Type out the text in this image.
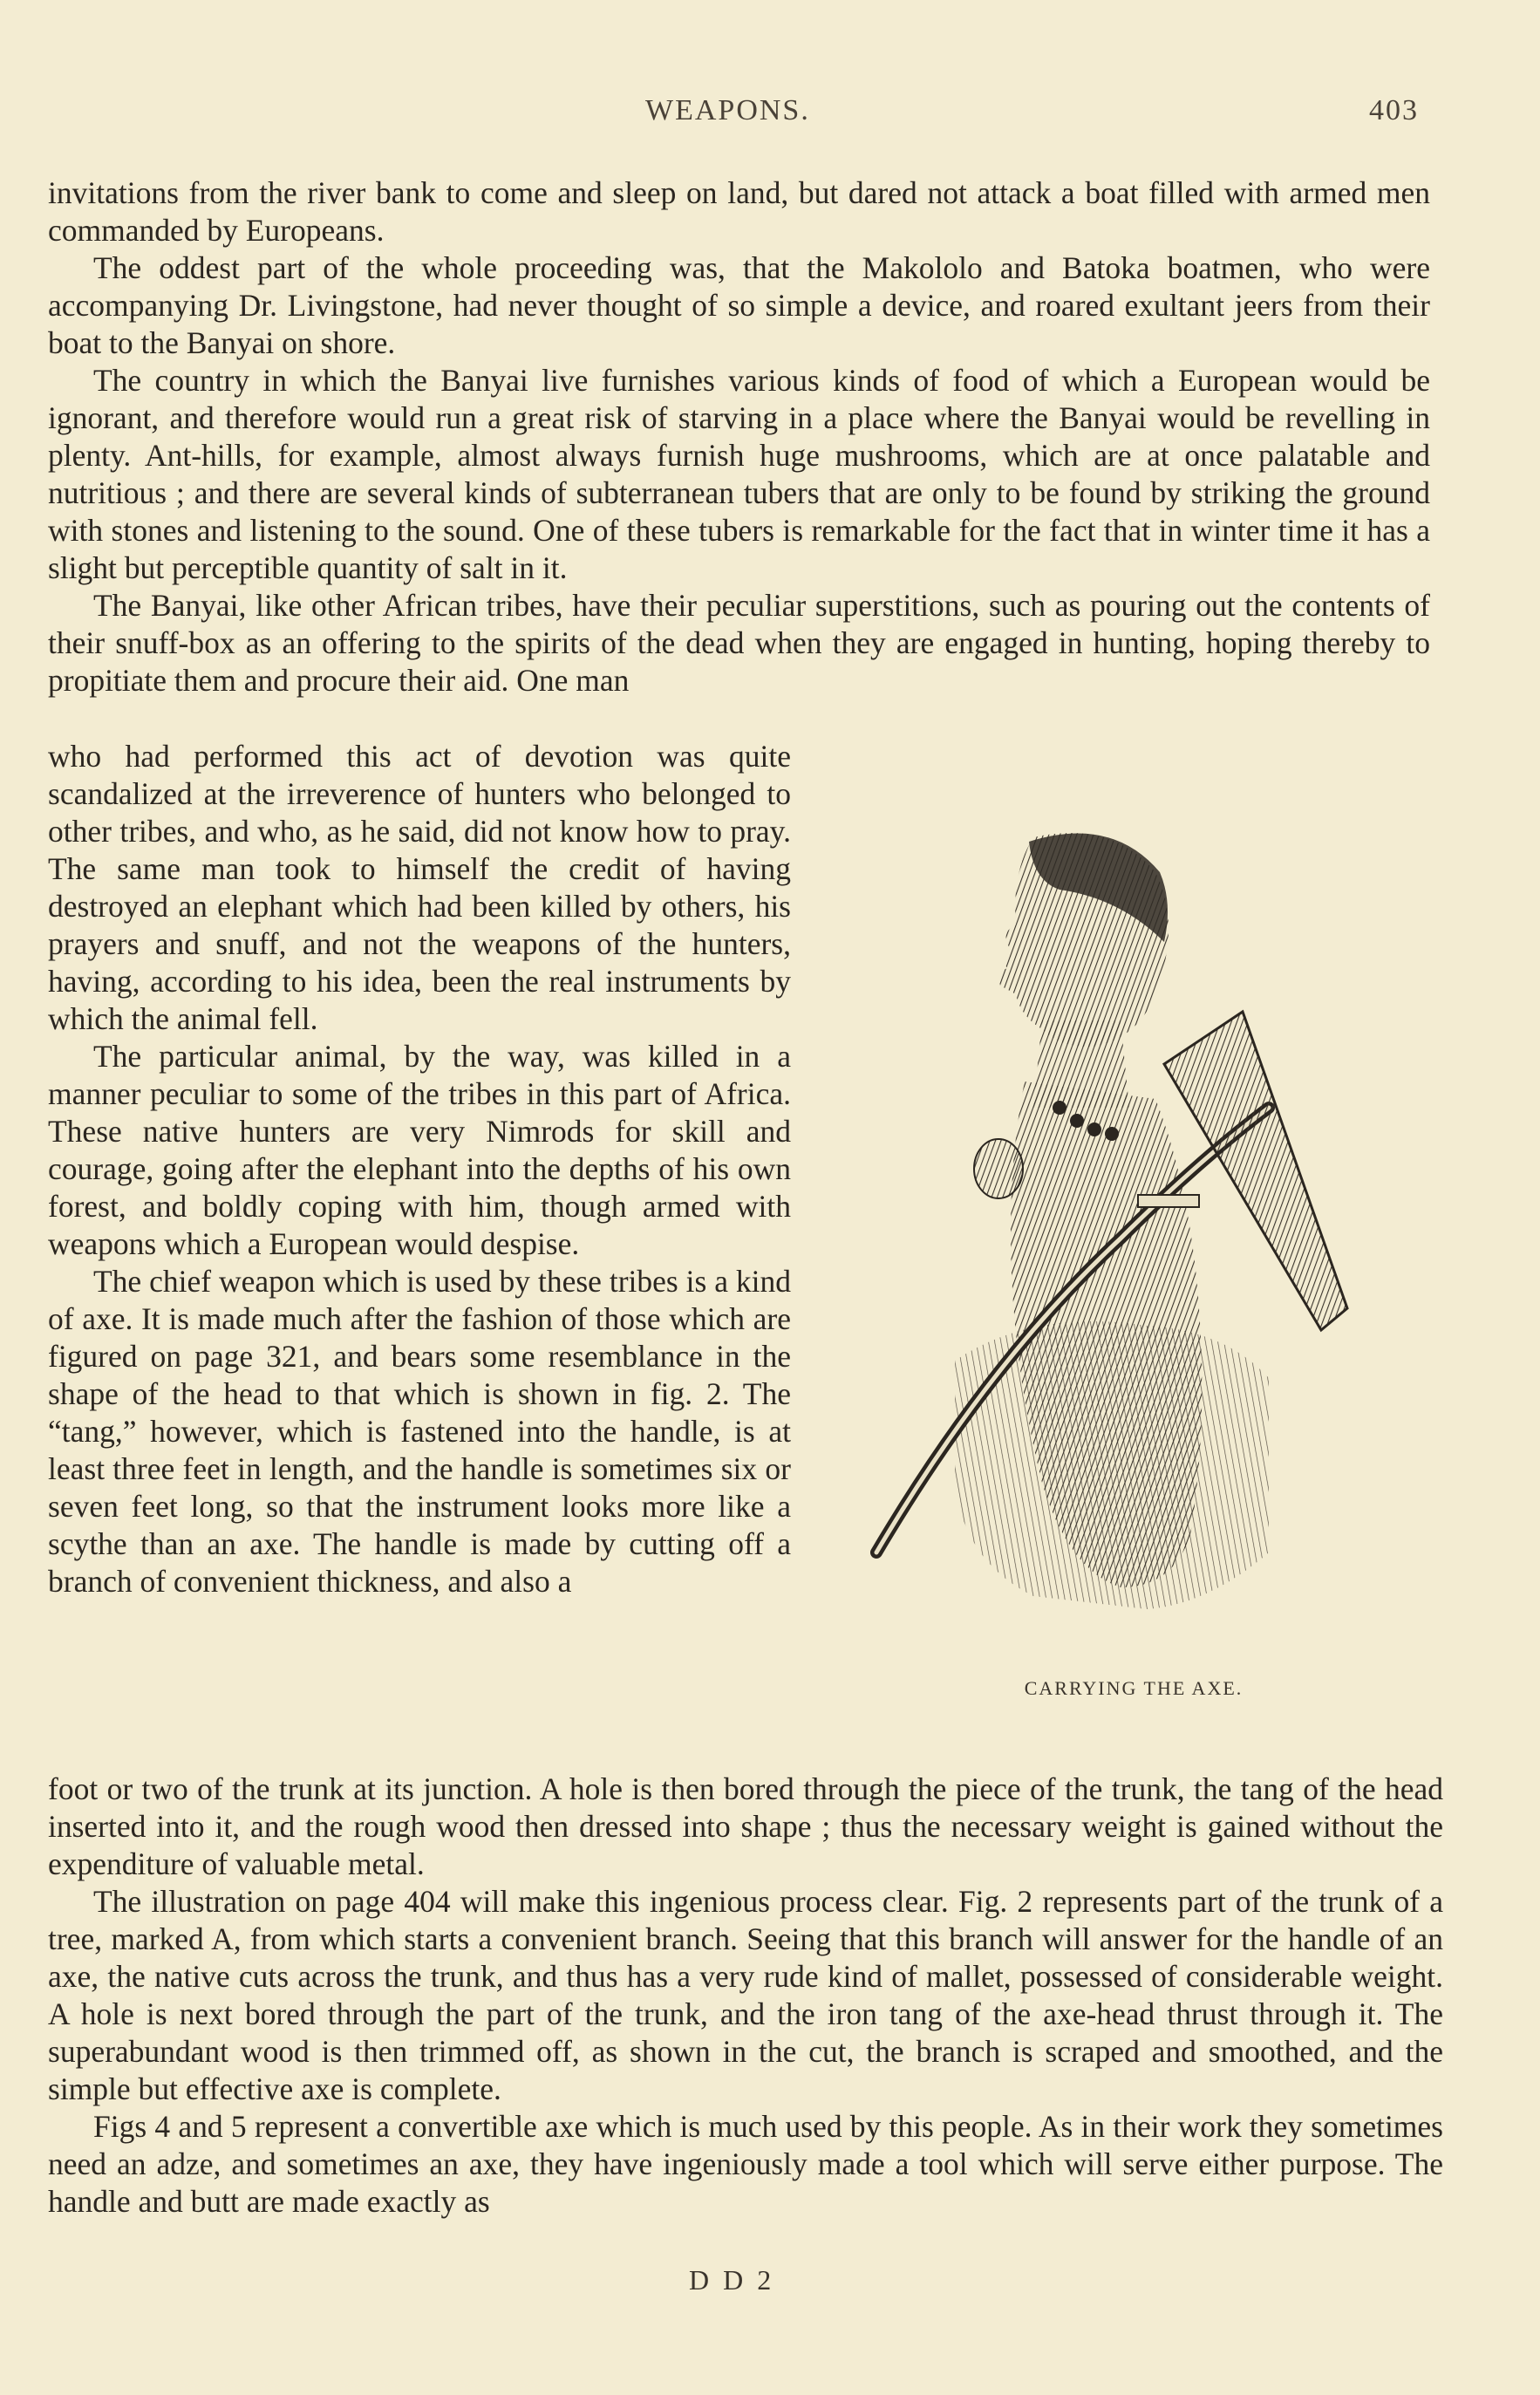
WEAPONS.	403

invitations from the river bank to come and sleep on land, but dared not attack a boat filled with armed men commanded by Europeans.

The oddest part of the whole proceeding was, that the Makololo and Batoka boatmen, who were accompanying Dr. Livingstone, had never thought of so simple a device, and roared exultant jeers from their boat to the Banyai on shore.

The country in which the Banyai live furnishes various kinds of food of which a European would be ignorant, and therefore would run a great risk of starving in a place where the Banyai would be revelling in plenty. Ant-hills, for example, almost always furnish huge mushrooms, which are at once palatable and nutritious ; and there are several kinds of subterranean tubers that are only to be found by striking the ground with stones and listening to the sound. One of these tubers is remarkable for the fact that in winter time it has a slight but perceptible quantity of salt in it.

The Banyai, like other African tribes, have their peculiar superstitions, such as pouring out the contents of their snuff-box as an offering to the spirits of the dead when they are engaged in hunting, hoping thereby to propitiate them and procure their aid. One man

who had performed this act of devotion was quite scandalized at the irreverence of hunters who belonged to other tribes, and who, as he said, did not know how to pray. The same man took to himself the credit of having destroyed an elephant which had been killed by others, his prayers and snuff, and not the weapons of the hunters, having, according to his idea, been the real instruments by which the animal fell.

The particular animal, by the way, was killed in a manner peculiar to some of the tribes in this part of Africa. These native hunters are very Nimrods for skill and courage, going after the elephant into the depths of his own forest, and boldly coping with him, though armed with weapons which a European would despise.

The chief weapon which is used by these tribes is a kind of axe. It is made much after the fashion of those which are figured on page 321, and bears some resemblance in the shape of the head to that which is shown in fig. 2. The “tang,” however, which is fastened into the handle, is at least three feet in length, and the handle is sometimes six or seven feet long, so that the instrument looks more like a scythe than an axe. The handle is made by cutting off a branch of convenient thickness, and also a

CARRYING THE AXE.

foot or two of the trunk at its junction. A hole is then bored through the piece of the trunk, the tang of the head inserted into it, and the rough wood then dressed into shape ; thus the necessary weight is gained without the expenditure of valuable metal.

The illustration on page 404 will make this ingenious process clear. Fig. 2 represents part of the trunk of a tree, marked A, from which starts a convenient branch. Seeing that this branch will answer for the handle of an axe, the native cuts across the trunk, and thus has a very rude kind of mallet, possessed of considerable weight. A hole is next bored through the part of the trunk, and the iron tang of the axe-head thrust through it. The superabundant wood is then trimmed off, as shown in the cut, the branch is scraped and smoothed, and the simple but effective axe is complete.

Figs 4 and 5 represent a convertible axe which is much used by this people. As in their work they sometimes need an adze, and sometimes an axe, they have ingeniously made a tool which will serve either purpose. The handle and butt are made exactly as

D D 2
